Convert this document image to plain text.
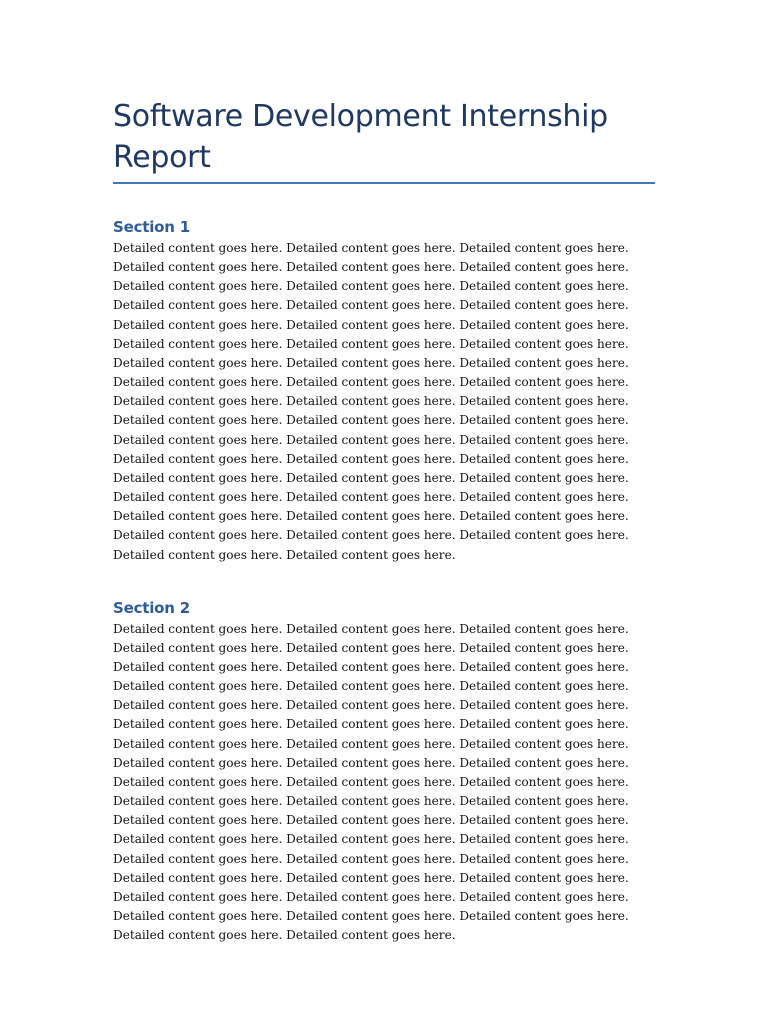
Software Development Internship Report
Section 1

Detailed content goes here. Detailed content goes here. Detailed content goes here. Detailed content goes here. Detailed content goes here. Detailed content goes here. Detailed content goes here. Detailed content goes here. Detailed content goes here. Detailed content goes here. Detailed content goes here. Detailed content goes here. Detailed content goes here. Detailed content goes here. Detailed content goes here. Detailed content goes here. Detailed content goes here. Detailed content goes here. Detailed content goes here. Detailed content goes here. Detailed content goes here. Detailed content goes here. Detailed content goes here. Detailed content goes here. Detailed content goes here. Detailed content goes here. Detailed content goes here. Detailed content goes here. Detailed content goes here. Detailed content goes here. Detailed content goes here. Detailed content goes here. Detailed content goes here. Detailed content goes here. Detailed content goes here. Detailed content goes here. Detailed content goes here. Detailed content goes here. Detailed content goes here. Detailed content goes here. Detailed content goes here. Detailed content goes here. Detailed content goes here. Detailed content goes here. Detailed content goes here. Detailed content goes here. Detailed content goes here. Detailed content goes here. Detailed content goes here. Detailed content goes here.

Section 2

Detailed content goes here. Detailed content goes here. Detailed content goes here. Detailed content goes here. Detailed content goes here. Detailed content goes here. Detailed content goes here. Detailed content goes here. Detailed content goes here. Detailed content goes here. Detailed content goes here. Detailed content goes here. Detailed content goes here. Detailed content goes here. Detailed content goes here. Detailed content goes here. Detailed content goes here. Detailed content goes here. Detailed content goes here. Detailed content goes here. Detailed content goes here. Detailed content goes here. Detailed content goes here. Detailed content goes here. Detailed content goes here. Detailed content goes here. Detailed content goes here. Detailed content goes here. Detailed content goes here. Detailed content goes here. Detailed content goes here. Detailed content goes here. Detailed content goes here. Detailed content goes here. Detailed content goes here. Detailed content goes here. Detailed content goes here. Detailed content goes here. Detailed content goes here. Detailed content goes here. Detailed content goes here. Detailed content goes here. Detailed content goes here. Detailed content goes here. Detailed content goes here. Detailed content goes here. Detailed content goes here. Detailed content goes here. Detailed content goes here. Detailed content goes here.
